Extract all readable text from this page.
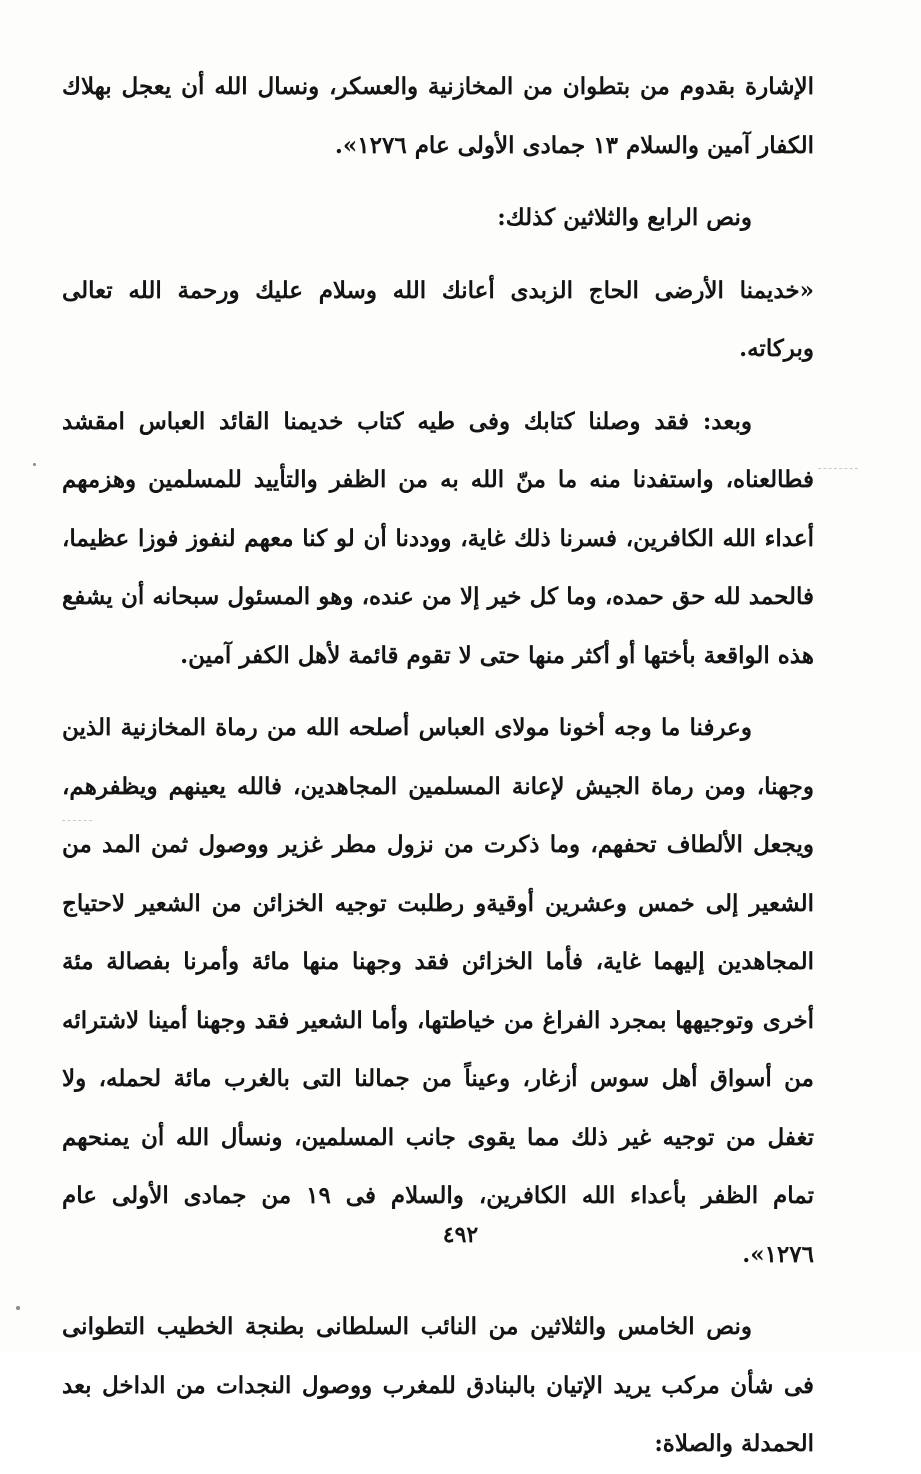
الإشارة بقدوم من بتطوان من المخازنية والعسكر، ونسال الله أن يعجل بهلاك الكفار آمين والسلام ١٣ جمادى الأولى عام ١٢٧٦».

ونص الرابع والثلاثين كذلك:

«خديمنا الأرضى الحاج الزبدى أعانك الله وسلام عليك ورحمة الله تعالى وبركاته.

وبعد: فقد وصلنا كتابك وفى طيه كتاب خديمنا القائد العباس امقشد فطالعناه، واستفدنا منه ما منّ الله به من الظفر والتأييد للمسلمين وهزمهم أعداء الله الكافرين، فسرنا ذلك غاية، ووددنا أن لو كنا معهم لنفوز فوزا عظيما، فالحمد لله حق حمده، وما كل خير إلا من عنده، وهو المسئول سبحانه أن يشفع هذه الواقعة بأختها أو أكثر منها حتى لا تقوم قائمة لأهل الكفر آمين.

وعرفنا ما وجه أخونا مولاى العباس أصلحه الله من رماة المخازنية الذين وجهنا، ومن رماة الجيش لإعانة المسلمين المجاهدين، فالله يعينهم ويظفرهم، ويجعل الألطاف تحفهم، وما ذكرت من نزول مطر غزير ووصول ثمن المد من الشعير إلى خمس وعشرين أوقيةو رطلبت توجيه الخزائن من الشعير لاحتياج المجاهدين إليهما غاية، فأما الخزائن فقد وجهنا منها مائة وأمرنا بفصالة مئة أخرى وتوجيهها بمجرد الفراغ من خياطتها، وأما الشعير فقد وجهنا أمينا لاشترائه من أسواق أهل سوس أزغار، وعيناً من جمالنا التى بالغرب مائة لحمله، ولا تغفل من توجيه غير ذلك مما يقوى جانب المسلمين، ونسأل الله أن يمنحهم تمام الظفر بأعداء الله الكافرين، والسلام فى ١٩ من جمادى الأولى عام ١٢٧٦».

ونص الخامس والثلاثين من النائب السلطانى بطنجة الخطيب التطوانى فى شأن مركب يريد الإتيان بالبنادق للمغرب ووصول النجدات من الداخل بعد الحمدلة والصلاة:

٤٩٢
